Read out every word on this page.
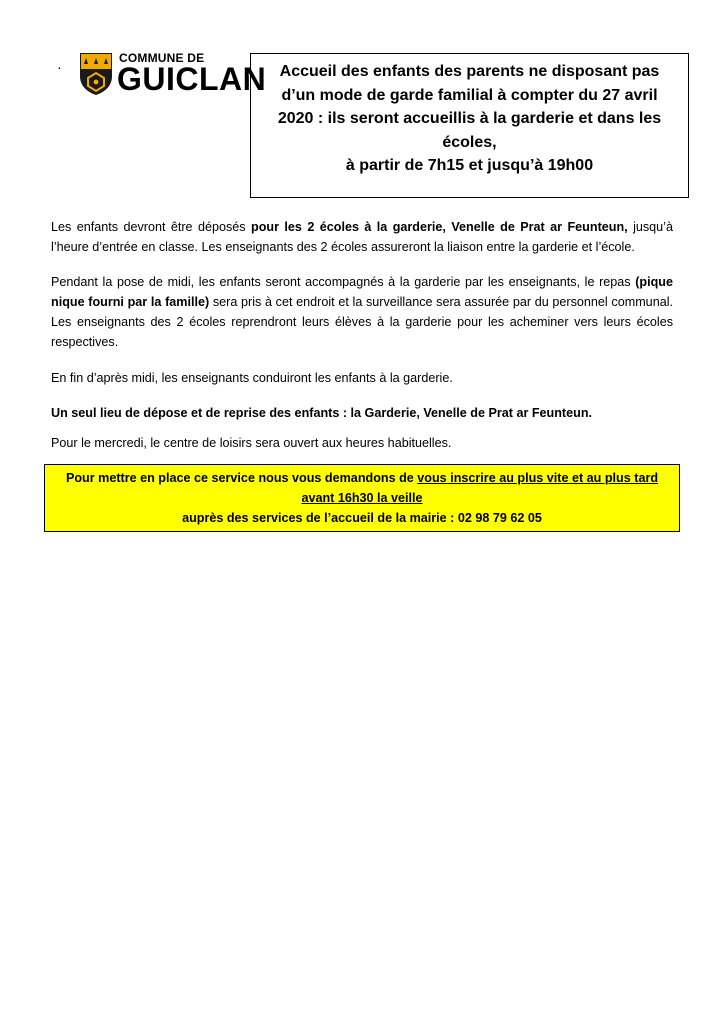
·
COMMUNE DE
GUICLAN Accueil des enfants des parents ne disposant pas
d’un mode de garde familial à compter du 27 avril
2020 : ils seront accueillis à la garderie et dans les
écoles,
à partir de 7h15 et jusqu’à 19h00
Les enfants devront être déposés pour les 2 écoles à la garderie, Venelle de Prat ar Feunteun, jusqu’à l’heure d’entrée en classe. Les enseignants des 2 écoles assureront la liaison entre la garderie et l’école.
Pendant la pose de midi, les enfants seront accompagnés à la garderie par les enseignants, le repas (pique nique fourni par la famille) sera pris à cet endroit et la surveillance sera assurée par du personnel communal. Les enseignants des 2 écoles reprendront leurs élèves à la garderie pour les acheminer vers leurs écoles respectives.
En fin d’après midi, les enseignants conduiront les enfants à la garderie.
Un seul lieu de dépose et de reprise des enfants : la Garderie, Venelle de Prat ar Feunteun.
Pour le mercredi, le centre de loisirs sera ouvert aux heures habituelles.
Pour mettre en place ce service nous vous demandons de vous inscrire au plus vite et au plus tard
avant 16h30 la veille
auprès des services de l’accueil de la mairie : 02 98 79 62 05
